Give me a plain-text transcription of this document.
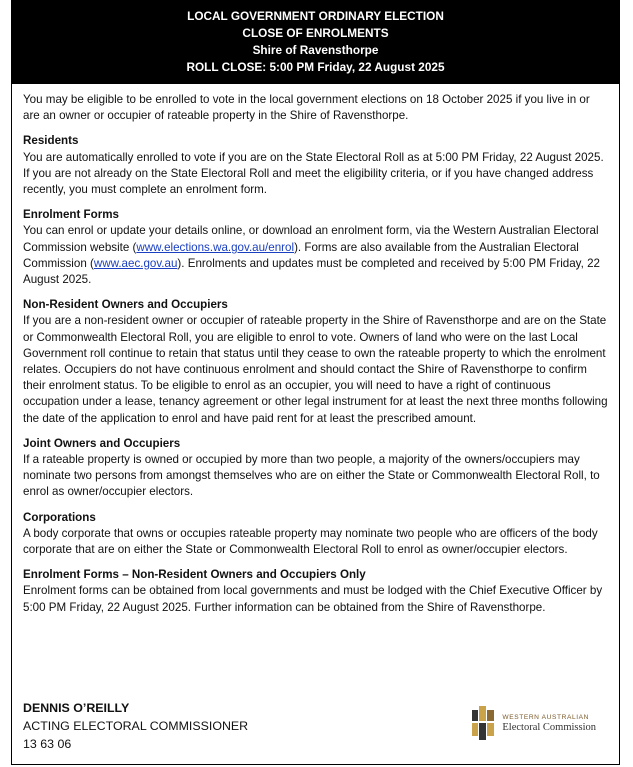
LOCAL GOVERNMENT ORDINARY ELECTION
CLOSE OF ENROLMENTS
Shire of Ravensthorpe
ROLL CLOSE: 5:00 PM Friday, 22 August 2025

You may be eligible to be enrolled to vote in the local government elections on 18 October 2025 if you live in or are an owner or occupier of rateable property in the Shire of Ravensthorpe.

Residents

You are automatically enrolled to vote if you are on the State Electoral Roll as at 5:00 PM Friday, 22 August 2025. If you are not already on the State Electoral Roll and meet the eligibility criteria, or if you have changed address recently, you must complete an enrolment form.

Enrolment Forms

You can enrol or update your details online, or download an enrolment form, via the Western Australian Electoral Commission website (www.elections.wa.gov.au/enrol). Forms are also available from the Australian Electoral Commission (www.aec.gov.au). Enrolments and updates must be completed and received by 5:00 PM Friday, 22 August 2025.

Non-Resident Owners and Occupiers

If you are a non-resident owner or occupier of rateable property in the Shire of Ravensthorpe and are on the State or Commonwealth Electoral Roll, you are eligible to enrol to vote. Owners of land who were on the last Local Government roll continue to retain that status until they cease to own the rateable property to which the enrolment relates. Occupiers do not have continuous enrolment and should contact the Shire of Ravensthorpe to confirm their enrolment status. To be eligible to enrol as an occupier, you will need to have a right of continuous occupation under a lease, tenancy agreement or other legal instrument for at least the next three months following the date of the application to enrol and have paid rent for at least the prescribed amount.

Joint Owners and Occupiers

If a rateable property is owned or occupied by more than two people, a majority of the owners/occupiers may nominate two persons from amongst themselves who are on either the State or Commonwealth Electoral Roll, to enrol as owner/occupier electors.

Corporations

A body corporate that owns or occupies rateable property may nominate two people who are officers of the body corporate that are on either the State or Commonwealth Electoral Roll to enrol as owner/occupier electors.

Enrolment Forms – Non-Resident Owners and Occupiers Only

Enrolment forms can be obtained from local governments and must be lodged with the Chief Executive Officer by 5:00 PM Friday, 22 August 2025. Further information can be obtained from the Shire of Ravensthorpe.

DENNIS O’REILLY

ACTING ELECTORAL COMMISSIONER

13 63 06

WESTERN AUSTRALIAN
Electoral Commission
